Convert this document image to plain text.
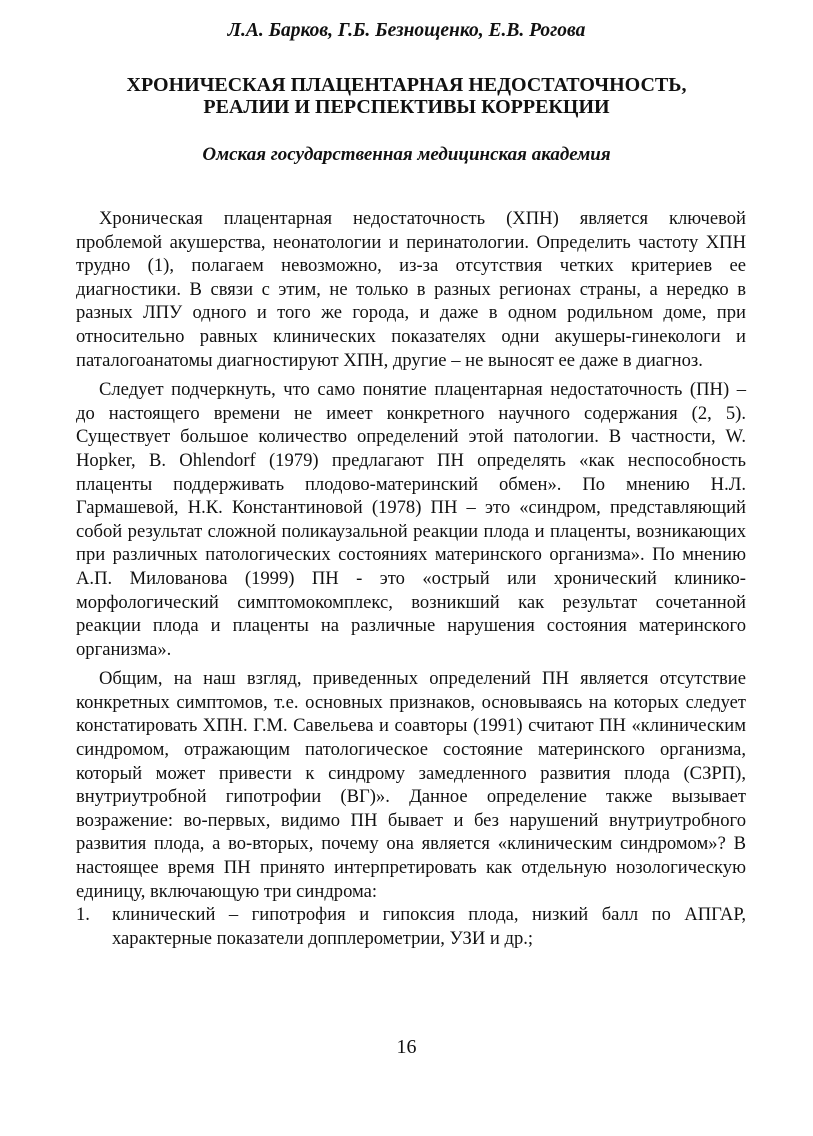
Л.А. Барков, Г.Б. Безнощенко, Е.В. Рогова
ХРОНИЧЕСКАЯ ПЛАЦЕНТАРНАЯ НЕДОСТАТОЧНОСТЬ,
РЕАЛИИ И ПЕРСПЕКТИВЫ КОРРЕКЦИИ
Омская государственная медицинская академия

Хроническая плацентарная недостаточность (ХПН) является ключевой проблемой акушерства, неонатологии и перинатологии. Определить частоту ХПН трудно (1), полагаем невозможно, из-за отсутствия четких критериев ее диагностики. В связи с этим, не только в разных регионах страны, а нередко в разных ЛПУ одного и того же города, и даже в одном родильном доме, при относительно равных клинических показателях одни акушеры-гинекологи и паталогоанатомы диагностируют ХПН, другие – не выносят ее даже в диагноз.

Следует подчеркнуть, что само понятие плацентарная недостаточность (ПН) – до настоящего времени не имеет конкретного научного содержания (2, 5). Существует большое количество определений этой патологии. В частности, W. Hopker, B. Ohlendorf (1979) предлагают ПН определять «как неспособность плаценты поддерживать плодово-материнский обмен». По мнению Н.Л. Гармашевой, Н.К. Константиновой (1978) ПН – это «синдром, представляющий собой результат сложной поликаузальной реакции плода и плаценты, возникающих при различных патологических состояниях материнского организма». По мнению А.П. Милованова (1999) ПН - это «острый или хронический клинико-морфологический симптомокомплекс, возникший как результат сочетанной реакции плода и плаценты на различные нарушения состояния материнского организма».

Общим, на наш взгляд, приведенных определений ПН является отсутствие конкретных симптомов, т.е. основных признаков, основываясь на которых следует констатировать ХПН. Г.М. Савельева и соавторы (1991) считают ПН «клиническим синдромом, отражающим патологическое состояние материнского организма, который может привести к синдрому замедленного развития плода (СЗРП), внутриутробной гипотрофии (ВГ)». Данное определение также вызывает возражение: во-первых, видимо ПН бывает и без нарушений внутриутробного развития плода, а во-вторых, почему она является «клиническим синдромом»? В настоящее время ПН принято интерпретировать как отдельную нозологическую единицу, включающую три синдрома:

1. клинический – гипотрофия и гипоксия плода, низкий балл по АПГАР, характерные показатели допплерометрии, УЗИ и др.;
16
